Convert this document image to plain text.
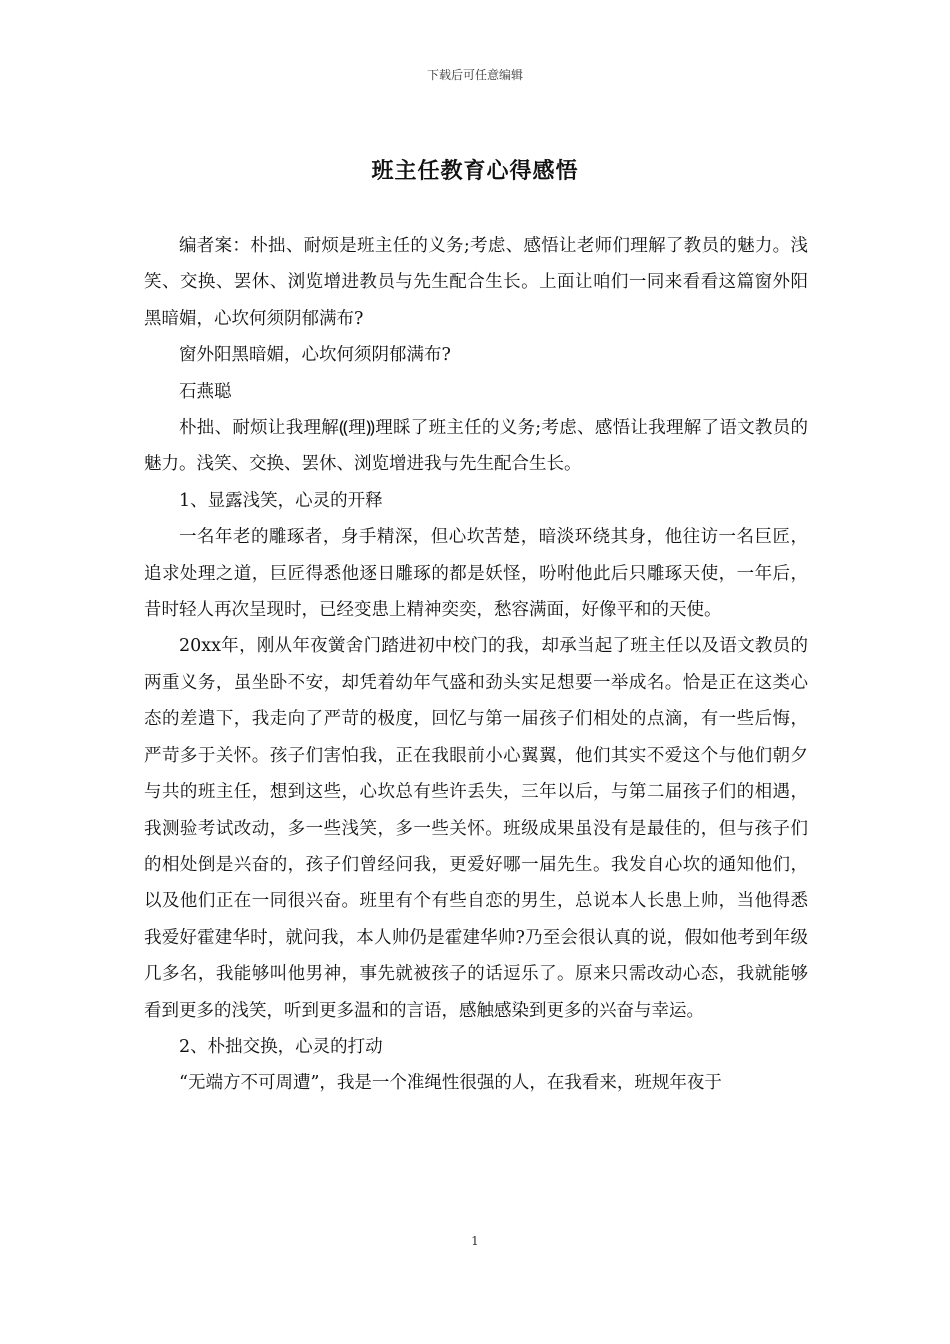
下载后可任意编辑
班主任教育心得感悟

编者案：朴拙、耐烦是班主任的义务;考虑、感悟让老师们理解了教员的魅力。浅笑、交换、罢休、浏览增进教员与先生配合生长。上面让咱们一同来看看这篇窗外阳黑暗媚，心坎何须阴郁满布?

窗外阳黑暗媚，心坎何须阴郁满布?

石燕聪

朴拙、耐烦让我理解⸨理⸩理睬了班主任的义务;考虑、感悟让我理解了语文教员的魅力。浅笑、交换、罢休、浏览增进我与先生配合生长。

1、显露浅笑，心灵的开释

一名年老的雕琢者，身手精深，但心坎苦楚，暗淡环绕其身，他往访一名巨匠，追求处理之道，巨匠得悉他逐日雕琢的都是妖怪，吩咐他此后只雕琢天使，一年后，昔时轻人再次呈现时，已经变患上精神奕奕，愁容满面，好像平和的天使。

20xx年，刚从年夜黉舍门踏进初中校门的我，却承当起了班主任以及语文教员的两重义务，虽坐卧不安，却凭着幼年气盛和劲头实足想要一举成名。恰是正在这类心态的差遣下，我走向了严苛的极度，回忆与第一届孩子们相处的点滴，有一些后悔，严苛多于关怀。孩子们害怕我，正在我眼前小心翼翼，他们其实不爱这个与他们朝夕与共的班主任，想到这些，心坎总有些许丢失，三年以后，与第二届孩子们的相遇，我测验考试改动，多一些浅笑，多一些关怀。班级成果虽没有是最佳的，但与孩子们的相处倒是兴奋的，孩子们曾经问我，更爱好哪一届先生。我发自心坎的通知他们，以及他们正在一同很兴奋。班里有个有些自恋的男生，总说本人长患上帅，当他得悉我爱好霍建华时，就问我，本人帅仍是霍建华帅?乃至会很认真的说，假如他考到年级几多名，我能够叫他男神，事先就被孩子的话逗乐了。原来只需改动心态，我就能够看到更多的浅笑，听到更多温和的言语，感触感染到更多的兴奋与幸运。

2、朴拙交换，心灵的打动

“无端方不可周遭”，我是一个准绳性很强的人，在我看来，班规年夜于

1
